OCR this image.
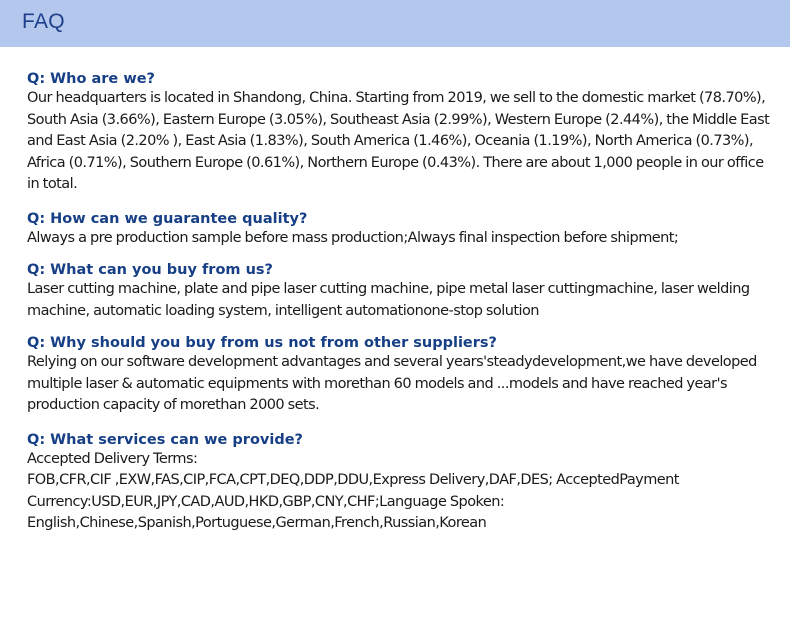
FAQ
Q: Who are we?
Our headquarters is located in Shandong, China. Starting from 2019, we sell to the domestic market (78.70%), South Asia (3.66%), Eastern Europe (3.05%), Southeast Asia (2.99%), Western Europe (2.44%), the Middle East and East Asia (2.20% ), East Asia (1.83%), South America (1.46%), Oceania (1.19%), North America (0.73%), Africa (0.71%), Southern Europe (0.61%), Northern Europe (0.43%). There are about 1,000 people in our office in total.
Q: How can we guarantee quality?
Always a pre production sample before mass production;Always final inspection before shipment;
Q: What can you buy from us?
Laser cutting machine, plate and pipe laser cutting machine, pipe metal laser cuttingmachine, laser welding machine, automatic loading system, intelligent automationone-stop solution
Q: Why should you buy from us not from other suppliers?
Relying on our software development advantages and several years'steadydevelopment,we have developed multiple laser & automatic equipments with morethan 60 models and ...models and have reached year's production capacity of morethan 2000 sets.
Q: What services can we provide?
Accepted Delivery Terms:
FOB,CFR,CIF ,EXW,FAS,CIP,FCA,CPT,DEQ,DDP,DDU,Express Delivery,DAF,DES; AcceptedPayment
Currency:USD,EUR,JPY,CAD,AUD,HKD,GBP,CNY,CHF;Language Spoken:
English,Chinese,Spanish,Portuguese,German,French,Russian,Korean
